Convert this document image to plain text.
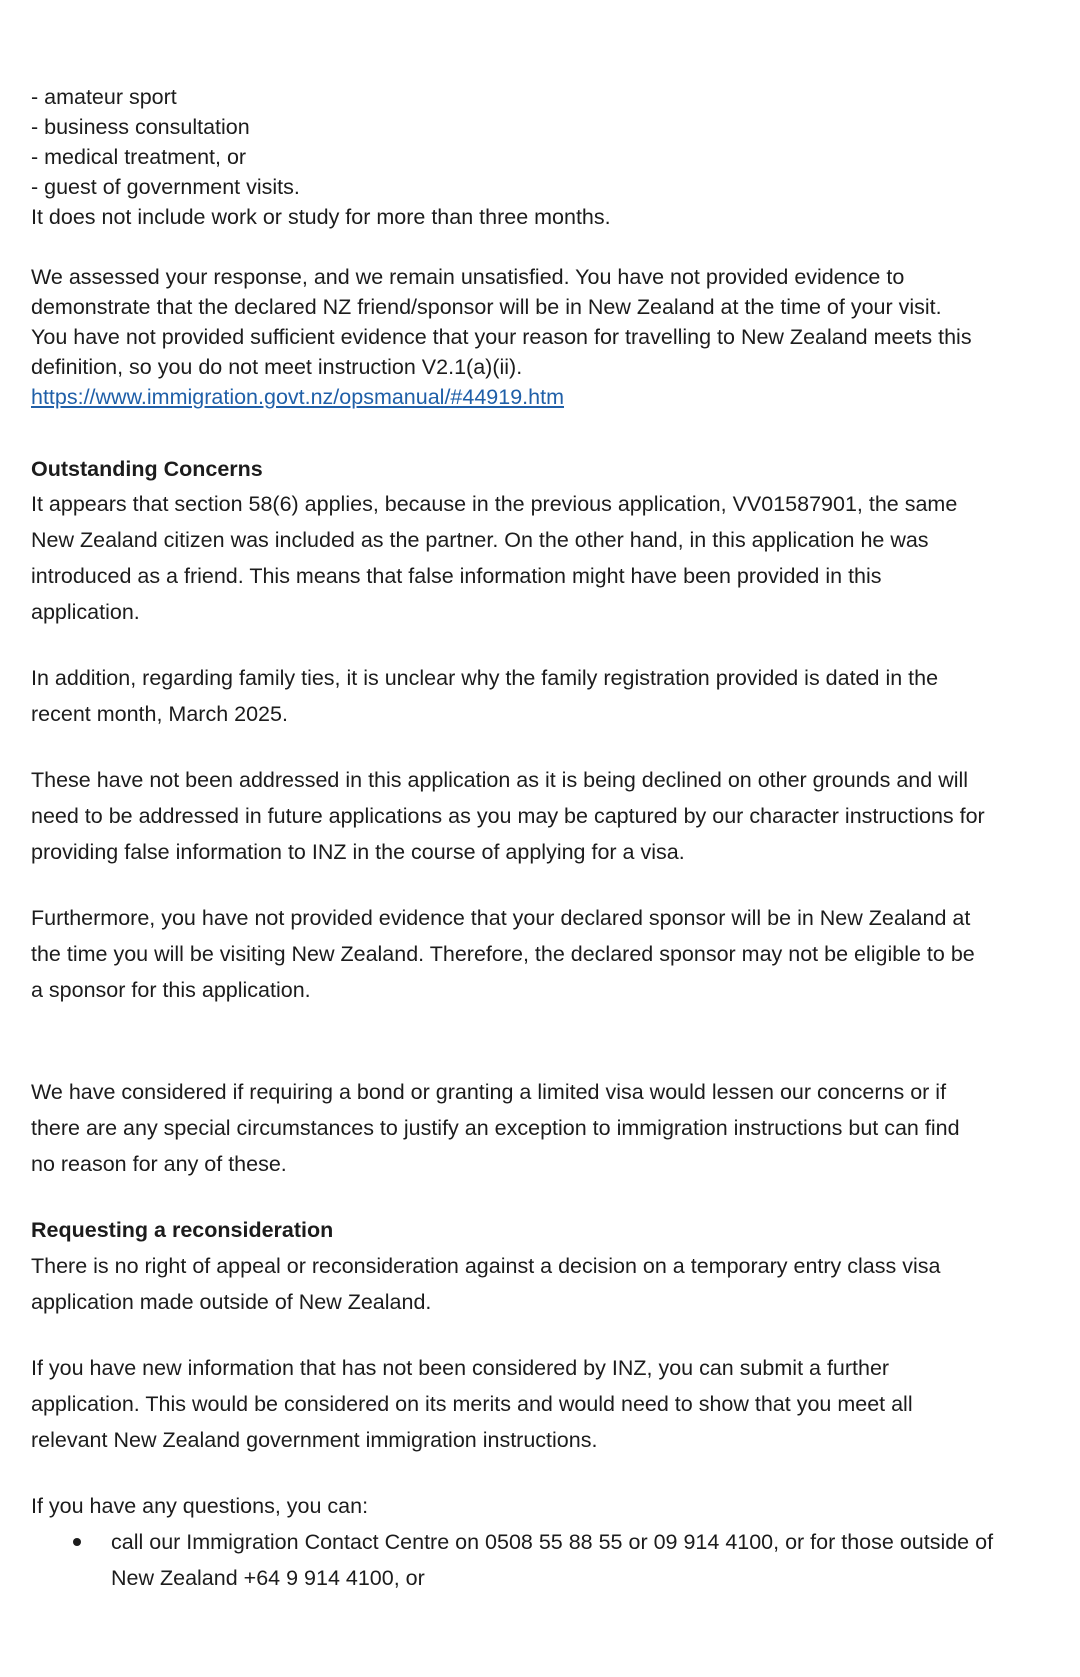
- amateur sport
- business consultation
- medical treatment, or
- guest of government visits.
It does not include work or study for more than three months.
We assessed your response, and we remain unsatisfied. You have not provided evidence to
demonstrate that the declared NZ friend/sponsor will be in New Zealand at the time of your visit.
You have not provided sufficient evidence that your reason for travelling to New Zealand meets this
definition, so you do not meet instruction V2.1(a)(ii).
https://www.immigration.govt.nz/opsmanual/#44919.htm
Outstanding Concerns
It appears that section 58(6) applies, because in the previous application, VV01587901, the same
New Zealand citizen was included as the partner. On the other hand, in this application he was
introduced as a friend. This means that false information might have been provided in this
application.
In addition, regarding family ties, it is unclear why the family registration provided is dated in the
recent month, March 2025.
These have not been addressed in this application as it is being declined on other grounds and will
need to be addressed in future applications as you may be captured by our character instructions for
providing false information to INZ in the course of applying for a visa.
Furthermore, you have not provided evidence that your declared sponsor will be in New Zealand at
the time you will be visiting New Zealand. Therefore, the declared sponsor may not be eligible to be
a sponsor for this application.
We have considered if requiring a bond or granting a limited visa would lessen our concerns or if
there are any special circumstances to justify an exception to immigration instructions but can find
no reason for any of these.
Requesting a reconsideration
There is no right of appeal or reconsideration against a decision on a temporary entry class visa
application made outside of New Zealand.
If you have new information that has not been considered by INZ, you can submit a further
application. This would be considered on its merits and would need to show that you meet all
relevant New Zealand government immigration instructions.
If you have any questions, you can:
call our Immigration Contact Centre on 0508 55 88 55 or 09 914 4100, or for those outside of
New Zealand +64 9 914 4100, or
